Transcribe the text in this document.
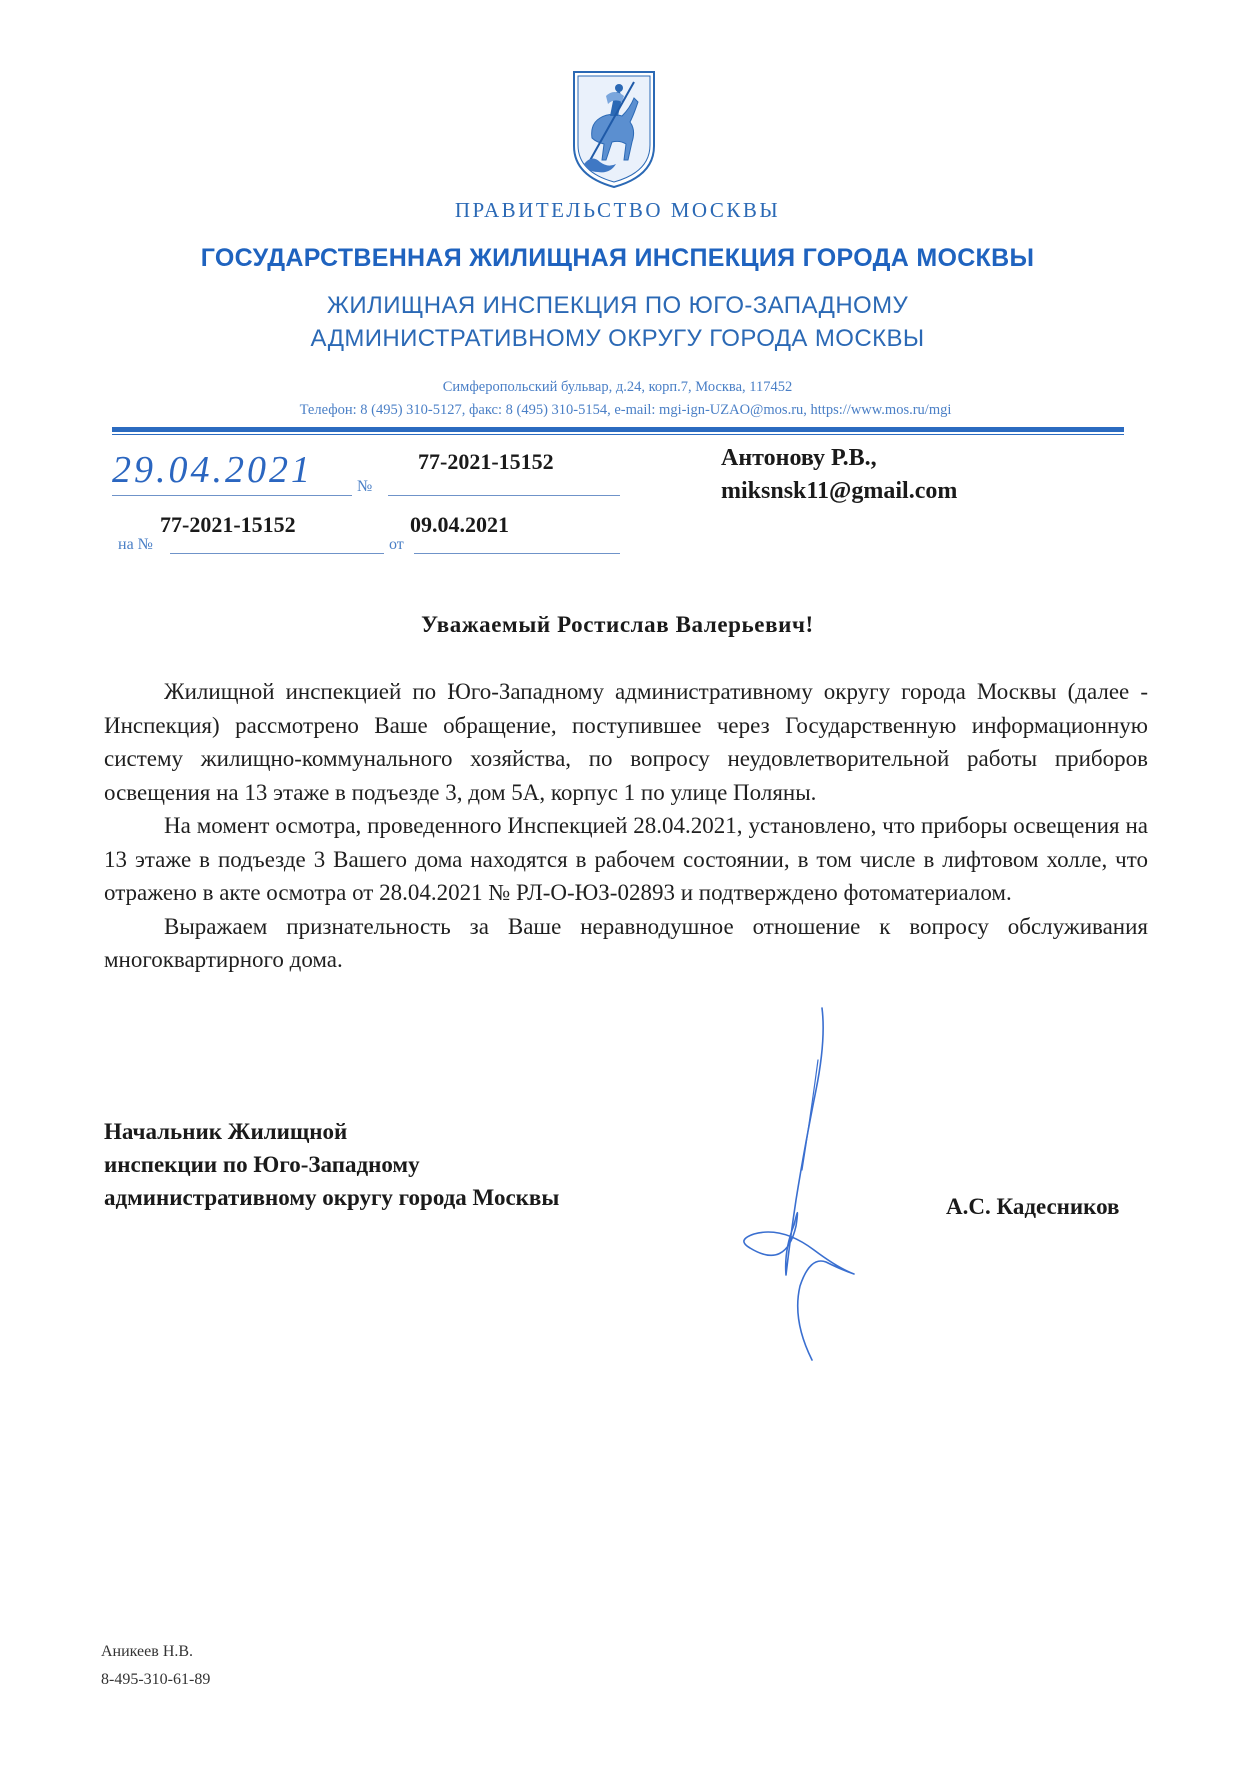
ПРАВИТЕЛЬСТВО МОСКВЫ
ГОСУДАРСТВЕННАЯ ЖИЛИЩНАЯ ИНСПЕКЦИЯ ГОРОДА МОСКВЫ
ЖИЛИЩНАЯ ИНСПЕКЦИЯ ПО ЮГО-ЗАПАДНОМУ
АДМИНИСТРАТИВНОМУ ОКРУГУ ГОРОДА МОСКВЫ
Симферопольский бульвар, д.24, корп.7, Москва, 117452
Телефон: 8 (495) 310-5127, факс: 8 (495) 310-5154, e-mail: mgi-ign-UZAO@mos.ru, https://www.mos.ru/mgi
29.04.2021	№
77-2021-15152
на №
77-2021-15152
от
09.04.2021
Антонову Р.В.,
miksnsk11@gmail.com
Уважаемый Ростислав Валерьевич!

Жилищной инспекцией по Юго-Западному административному округу города Москвы (далее - Инспекция) рассмотрено Ваше обращение, поступившее через Государственную информационную систему жилищно-коммунального хозяйства, по вопросу неудовлетворительной работы приборов освещения на 13 этаже в подъезде 3, дом 5А, корпус 1 по улице Поляны.

На момент осмотра, проведенного Инспекцией 28.04.2021, установлено, что приборы освещения на 13 этаже в подъезде 3 Вашего дома находятся в рабочем состоянии, в том числе в лифтовом холле, что отражено в акте осмотра от 28.04.2021 № РЛ-О-ЮЗ-02893 и подтверждено фотоматериалом.

Выражаем признательность за Ваше неравнодушное отношение к вопросу обслуживания многоквартирного дома.

Начальник Жилищной
инспекции по Юго-Западному
административному округу города Москвы	А.С. Кадесников
Аникеев Н.В.
8-495-310-61-89
